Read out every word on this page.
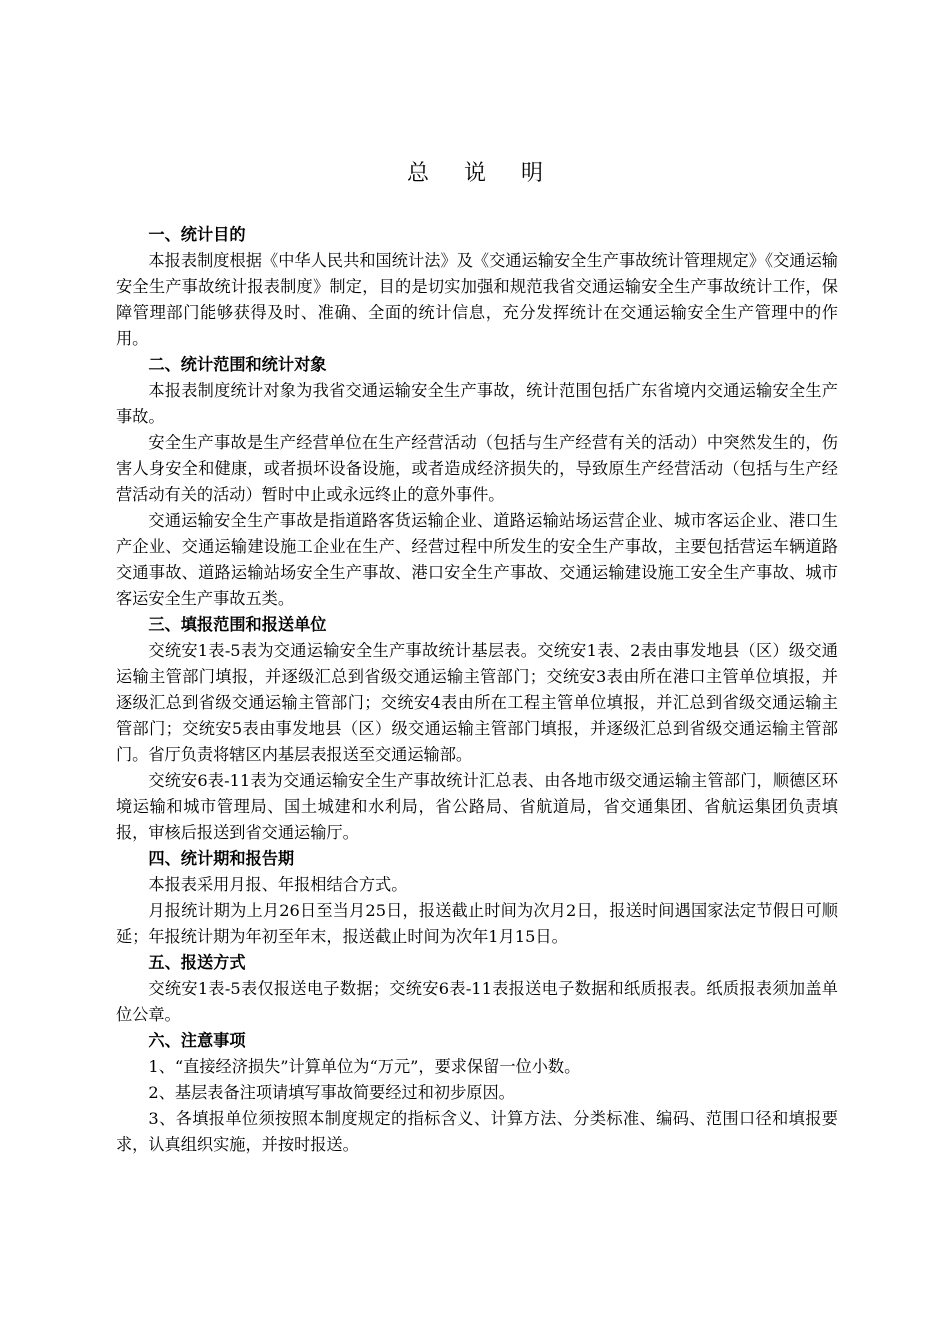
总 说 明
一、统计目的

本报表制度根据《中华人民共和国统计法》及《交通运输安全生产事故统计管理规定》《交通运输安全生产事故统计报表制度》制定，目的是切实加强和规范我省交通运输安全生产事故统计工作，保障管理部门能够获得及时、准确、全面的统计信息，充分发挥统计在交通运输安全生产管理中的作用。

二、统计范围和统计对象

本报表制度统计对象为我省交通运输安全生产事故，统计范围包括广东省境内交通运输安全生产事故。

安全生产事故是生产经营单位在生产经营活动（包括与生产经营有关的活动）中突然发生的，伤害人身安全和健康，或者损坏设备设施，或者造成经济损失的，导致原生产经营活动（包括与生产经营活动有关的活动）暂时中止或永远终止的意外事件。

交通运输安全生产事故是指道路客货运输企业、道路运输站场运营企业、城市客运企业、港口生产企业、交通运输建设施工企业在生产、经营过程中所发生的安全生产事故，主要包括营运车辆道路交通事故、道路运输站场安全生产事故、港口安全生产事故、交通运输建设施工安全生产事故、城市客运安全生产事故五类。

三、填报范围和报送单位

交统安1表-5表为交通运输安全生产事故统计基层表。交统安1表、2表由事发地县（区）级交通运输主管部门填报，并逐级汇总到省级交通运输主管部门；交统安3表由所在港口主管单位填报，并逐级汇总到省级交通运输主管部门；交统安4表由所在工程主管单位填报，并汇总到省级交通运输主管部门；交统安5表由事发地县（区）级交通运输主管部门填报，并逐级汇总到省级交通运输主管部门。省厅负责将辖区内基层表报送至交通运输部。

交统安6表-11表为交通运输安全生产事故统计汇总表、由各地市级交通运输主管部门，顺德区环境运输和城市管理局、国土城建和水利局，省公路局、省航道局，省交通集团、省航运集团负责填报，审核后报送到省交通运输厅。

四、统计期和报告期

本报表采用月报、年报相结合方式。

月报统计期为上月26日至当月25日，报送截止时间为次月2日，报送时间遇国家法定节假日可顺延；年报统计期为年初至年末，报送截止时间为次年1月15日。

五、报送方式

交统安1表-5表仅报送电子数据；交统安6表-11表报送电子数据和纸质报表。纸质报表须加盖单位公章。

六、注意事项

1、“直接经济损失”计算单位为“万元”，要求保留一位小数。

2、基层表备注项请填写事故简要经过和初步原因。

3、各填报单位须按照本制度规定的指标含义、计算方法、分类标准、编码、范围口径和填报要求，认真组织实施，并按时报送。
